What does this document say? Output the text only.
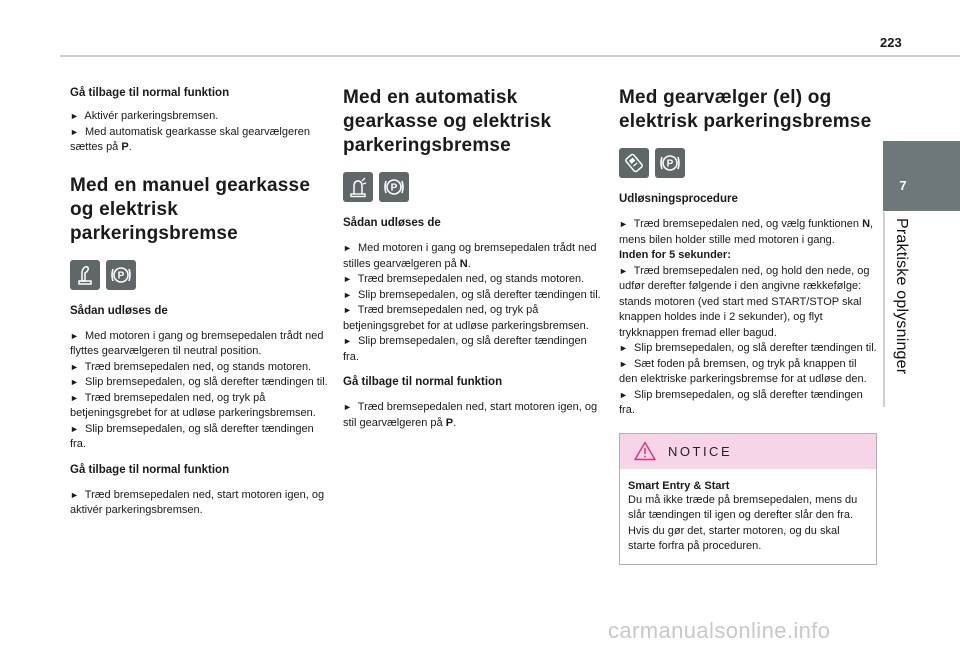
223
7
Praktiske oplysninger
Gå tilbage til normal funktion
► Aktivér parkeringsbremsen.
► Med automatisk gearkasse skal gearvælgeren sættes på P.
Med en manuel gearkasse og elektrisk parkeringsbremse
P
Sådan udløses de
► Med motoren i gang og bremsepedalen trådt ned flyttes gearvælgeren til neutral position.
► Træd bremsepedalen ned, og stands motoren.
► Slip bremsepedalen, og slå derefter tændingen til.
► Træd bremsepedalen ned, og tryk på betjeningsgrebet for at udløse parkeringsbremsen.
► Slip bremsepedalen, og slå derefter tændingen fra.
Gå tilbage til normal funktion
► Træd bremsepedalen ned, start motoren igen, og aktivér parkeringsbremsen.
Med en automatisk gearkasse og elektrisk parkeringsbremse
P
Sådan udløses de
► Med motoren i gang og bremsepedalen trådt ned stilles gearvælgeren på N.
► Træd bremsepedalen ned, og stands motoren.
► Slip bremsepedalen, og slå derefter tændingen til.
► Træd bremsepedalen ned, og tryk på betjeningsgrebet for at udløse parkeringsbremsen.
► Slip bremsepedalen, og slå derefter tændingen fra.
Gå tilbage til normal funktion
► Træd bremsepedalen ned, start motoren igen, og stil gearvælgeren på P.
Med gearvælger (el) og elektrisk parkeringsbremse
P
Udløsningsprocedure
► Træd bremsepedalen ned, og vælg funktionen N, mens bilen holder stille med motoren i gang.
Inden for 5 sekunder:
► Træd bremsepedalen ned, og hold den nede, og udfør derefter følgende i den angivne rækkefølge: stands motoren (ved start med START/STOP skal knappen holdes inde i 2 sekunder), og flyt trykknappen fremad eller bagud.
► Slip bremsepedalen, og slå derefter tændingen til.
► Sæt foden på bremsen, og tryk på knappen til den elektriske parkeringsbremse for at udløse den.
► Slip bremsepedalen, og slå derefter tændingen fra.
NOTICE
Smart Entry & Start
Du må ikke træde på bremsepedalen, mens du slår tændingen til igen og derefter slår den fra. Hvis du gør det, starter motoren, og du skal starte forfra på proceduren.
carmanualsonline.info
